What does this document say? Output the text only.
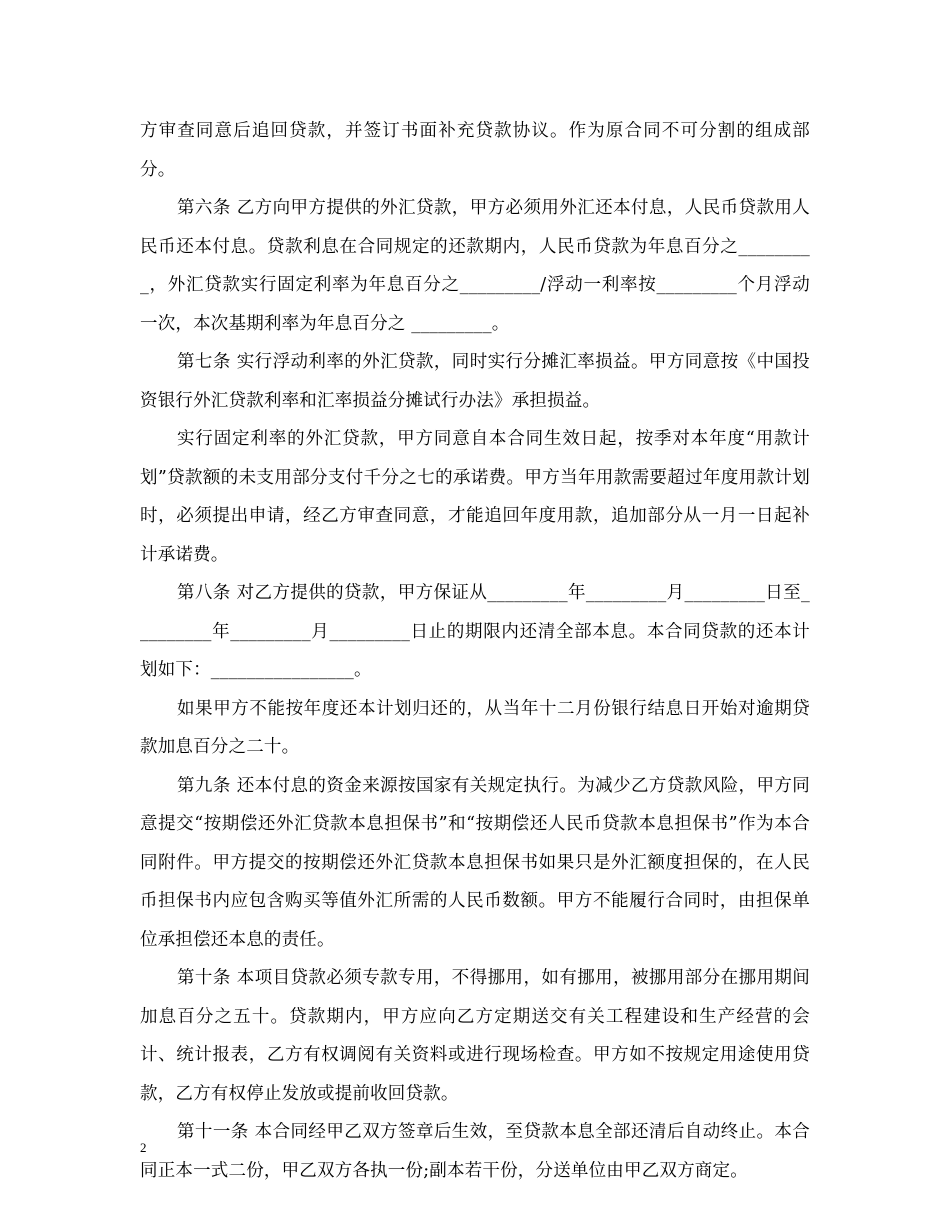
方审查同意后追回贷款，并签订书面补充贷款协议。作为原合同不可分割的组成部分。

第六条 乙方向甲方提供的外汇贷款，甲方必须用外汇还本付息，人民币贷款用人民币还本付息。贷款利息在合同规定的还款期内，人民币贷款为年息百分之_________，外汇贷款实行固定利率为年息百分之_________/浮动一利率按_________个月浮动一次，本次基期利率为年息百分之 _________。

第七条 实行浮动利率的外汇贷款，同时实行分摊汇率损益。甲方同意按《中国投资银行外汇贷款利率和汇率损益分摊试行办法》承担损益。

实行固定利率的外汇贷款，甲方同意自本合同生效日起，按季对本年度“用款计划”贷款额的未支用部分支付千分之七的承诺费。甲方当年用款需要超过年度用款计划时，必须提出申请，经乙方审查同意，才能追回年度用款，追加部分从一月一日起补计承诺费。

第八条 对乙方提供的贷款，甲方保证从_________年_________月_________日至_________年_________月_________日止的期限内还清全部本息。本合同贷款的还本计划如下：________________。

如果甲方不能按年度还本计划归还的，从当年十二月份银行结息日开始对逾期贷款加息百分之二十。

第九条 还本付息的资金来源按国家有关规定执行。为减少乙方贷款风险，甲方同意提交“按期偿还外汇贷款本息担保书”和“按期偿还人民币贷款本息担保书”作为本合同附件。甲方提交的按期偿还外汇贷款本息担保书如果只是外汇额度担保的，在人民币担保书内应包含购买等值外汇所需的人民币数额。甲方不能履行合同时，由担保单位承担偿还本息的责任。

第十条 本项目贷款必须专款专用，不得挪用，如有挪用，被挪用部分在挪用期间加息百分之五十。贷款期内，甲方应向乙方定期送交有关工程建设和生产经营的会计、统计报表，乙方有权调阅有关资料或进行现场检查。甲方如不按规定用途使用贷款，乙方有权停止发放或提前收回贷款。

第十一条 本合同经甲乙双方签章后生效，至贷款本息全部还清后自动终止。本合同正本一式二份，甲乙双方各执一份;副本若干份，分送单位由甲乙双方商定。

2
